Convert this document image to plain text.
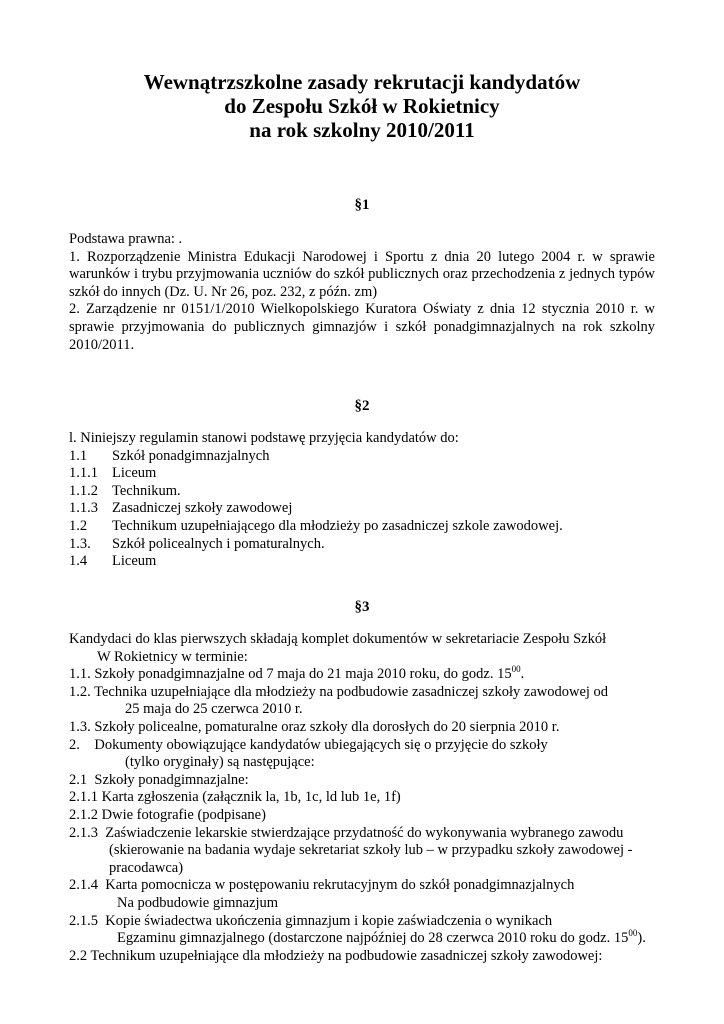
Wewnątrzszkolne zasady rekrutacji kandydatów
do Zespołu Szkół w Rokietnicy
na rok szkolny 2010/2011
§1
Podstawa prawna: .
1. Rozporządzenie Ministra Edukacji Narodowej i Sportu z dnia 20 lutego 2004 r. w sprawie warunków i trybu przyjmowania uczniów do szkół publicznych oraz przechodzenia z jednych typów szkół do innych (Dz. U. Nr 26, poz. 232, z późn. zm)
2. Zarządzenie nr 0151/1/2010 Wielkopolskiego Kuratora Oświaty z dnia 12 stycznia 2010 r. w sprawie przyjmowania do publicznych gimnazjów i szkół ponadgimnazjalnych na rok szkolny 2010/2011.
§2
l. Niniejszy regulamin stanowi podstawę przyjęcia kandydatów do:
1.1 Szkół ponadgimnazjalnych
1.1.1 Liceum
1.1.2 Technikum.
1.1.3 Zasadniczej szkoły zawodowej
1.2 Technikum uzupełniającego dla młodzieży po zasadniczej szkole zawodowej.
1.3. Szkół policealnych i pomaturalnych.
1.4 Liceum
§3
Kandydaci do klas pierwszych składają komplet dokumentów w sekretariacie Zespołu Szkół
W Rokietnicy w terminie:
1.1. Szkoły ponadgimnazjalne od 7 maja do 21 maja 2010 roku, do godz. $15^{00}$.
1.2. Technika uzupełniające dla młodzieży na podbudowie zasadniczej szkoły zawodowej od
25 maja do 25 czerwca 2010 r.
1.3. Szkoły policealne, pomaturalne oraz szkoły dla dorosłych do 20 sierpnia 2010 r.
2.    Dokumenty obowiązujące kandydatów ubiegających się o przyjęcie do szkoły
(tylko oryginały) są następujące:
2.1  Szkoły ponadgimnazjalne:
2.1.1 Karta zgłoszenia (załącznik la, 1b, 1c, ld lub 1e, 1f)
2.1.2 Dwie fotografie (podpisane)
2.1.3  Zaświadczenie lekarskie stwierdzające przydatność do wykonywania wybranego zawodu
(skierowanie na badania wydaje sekretariat szkoły lub – w przypadku szkoły zawodowej -
pracodawca)
2.1.4  Karta pomocnicza w postępowaniu rekrutacyjnym do szkół ponadgimnazjalnych
Na podbudowie gimnazjum
2.1.5  Kopie świadectwa ukończenia gimnazjum i kopie zaświadczenia o wynikach
Egzaminu gimnazjalnego (dostarczone najpóźniej do 28 czerwca 2010 roku do godz. $15^{00}$).
2.2 Technikum uzupełniające dla młodzieży na podbudowie zasadniczej szkoły zawodowej:
